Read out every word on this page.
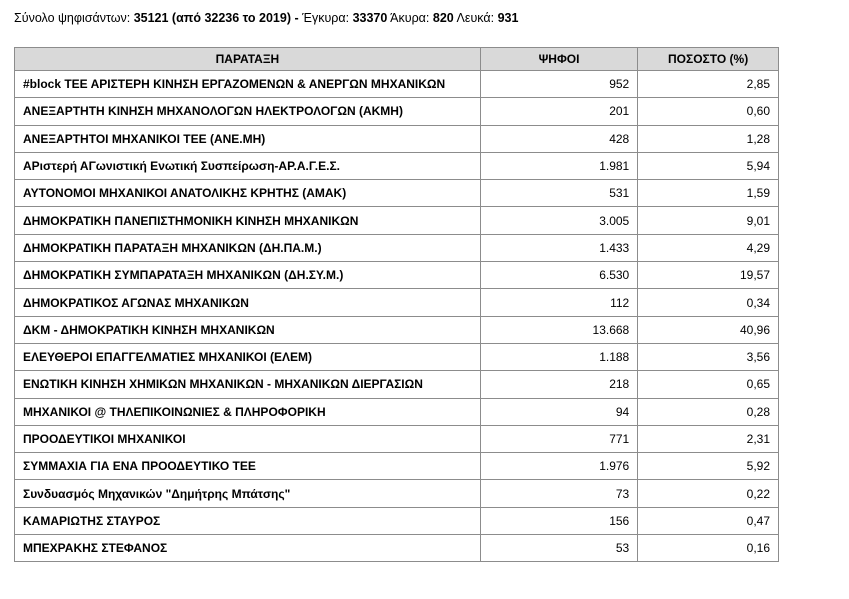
Σύνολο ψηφισάντων: 35121 (από 32236 το 2019) - Έγκυρα: 33370 Άκυρα: 820 Λευκά: 931
ΠΑΡΑΤΑΞΗ	ΨΗΦΟΙ	ΠΟΣΟΣΤΟ (%)
#block ΤΕΕ ΑΡΙΣΤΕΡΗ ΚΙΝΗΣΗ ΕΡΓΑΖΟΜΕΝΩΝ & ΑΝΕΡΓΩΝ ΜΗΧΑΝΙΚΩΝ	952	2,85
ΑΝΕΞΑΡΤΗΤΗ ΚΙΝΗΣΗ ΜΗΧΑΝΟΛΟΓΩΝ ΗΛΕΚΤΡΟΛΟΓΩΝ (ΑΚΜΗ)	201	0,60
ΑΝΕΞΑΡΤΗΤΟΙ ΜΗΧΑΝΙΚΟΙ ΤΕΕ (ΑΝΕ.ΜΗ)	428	1,28
ΑΡιστερή ΑΓωνιστική Ενωτική Συσπείρωση-ΑΡ.Α.Γ.Ε.Σ.	1.981	5,94
ΑΥΤΟΝΟΜΟΙ ΜΗΧΑΝΙΚΟΙ ΑΝΑΤΟΛΙΚΗΣ ΚΡΗΤΗΣ (ΑΜΑΚ)	531	1,59
ΔΗΜΟΚΡΑΤΙΚΗ ΠΑΝΕΠΙΣΤΗΜΟΝΙΚΗ ΚΙΝΗΣΗ ΜΗΧΑΝΙΚΩΝ	3.005	9,01
ΔΗΜΟΚΡΑΤΙΚΗ ΠΑΡΑΤΑΞΗ ΜΗΧΑΝΙΚΩΝ (ΔΗ.ΠΑ.Μ.)	1.433	4,29
ΔΗΜΟΚΡΑΤΙΚΗ ΣΥΜΠΑΡΑΤΑΞΗ ΜΗΧΑΝΙΚΩΝ (ΔΗ.ΣΥ.Μ.)	6.530	19,57
ΔΗΜΟΚΡΑΤΙΚΟΣ ΑΓΩΝΑΣ ΜΗΧΑΝΙΚΩΝ	112	0,34
ΔΚΜ - ΔΗΜΟΚΡΑΤΙΚΗ ΚΙΝΗΣΗ ΜΗΧΑΝΙΚΩΝ	13.668	40,96
ΕΛΕΥΘΕΡΟΙ ΕΠΑΓΓΕΛΜΑΤΙΕΣ ΜΗΧΑΝΙΚΟΙ (ΕΛΕΜ)	1.188	3,56
ΕΝΩΤΙΚΗ ΚΙΝΗΣΗ ΧΗΜΙΚΩΝ ΜΗΧΑΝΙΚΩΝ - ΜΗΧΑΝΙΚΩΝ ΔΙΕΡΓΑΣΙΩΝ	218	0,65
ΜΗΧΑΝΙΚΟΙ @ ΤΗΛΕΠΙΚΟΙΝΩΝΙΕΣ & ΠΛΗΡΟΦΟΡΙΚΗ	94	0,28
ΠΡΟΟΔΕΥΤΙΚΟΙ ΜΗΧΑΝΙΚΟΙ	771	2,31
ΣΥΜΜΑΧΙΑ ΓΙΑ ΕΝΑ ΠΡΟΟΔΕΥΤΙΚΟ ΤΕΕ	1.976	5,92
Συνδυασμός Μηχανικών "Δημήτρης Μπάτσης"	73	0,22
ΚΑΜΑΡΙΩΤΗΣ ΣΤΑΥΡΟΣ	156	0,47
ΜΠΕΧΡΑΚΗΣ ΣΤΕΦΑΝΟΣ	53	0,16
